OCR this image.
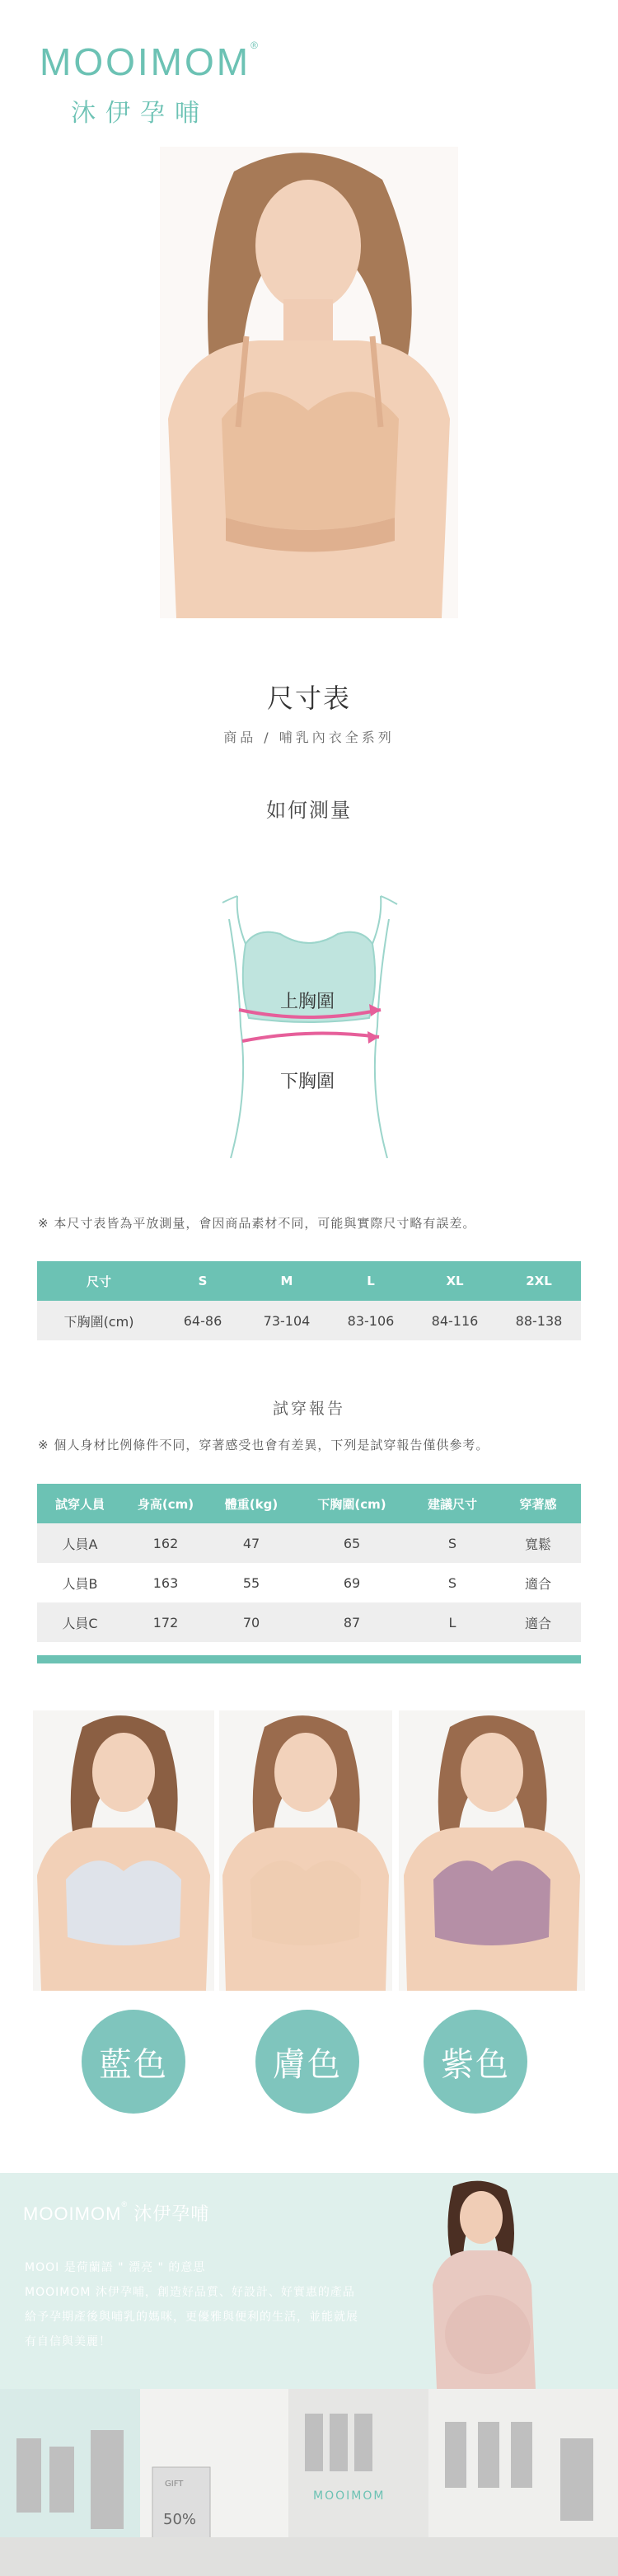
MOOIMOM®
沐伊孕哺
尺寸表
商品 / 哺乳內衣全系列
如何測量
上胸圍
下胸圍
※ 本尺寸表皆為平放測量，會因商品素材不同，可能與實際尺寸略有誤差。
尺寸	S	M	L	XL	2XL
下胸圍(cm)	64-86	73-104	83-106	84-116	88-138
試穿報告
※ 個人身材比例條件不同，穿著感受也會有差異，下列是試穿報告僅供參考。
試穿人員	身高(cm)	體重(kg)	下胸圍(cm)	建議尺寸	穿著感
人員A	162	47	65	S	寬鬆
人員B	163	55	69	S	適合
人員C	172	70	87	L	適合
藍色	膚色	紫色
MOOIMOM® 沐伊孕哺
MOOI 是荷蘭語 " 漂亮 " 的意思
MOOIMOM 沐伊孕哺，創造好品質、好設計、好實惠的產品
給予孕期產後與哺乳的媽咪，更優雅與便利的生活，並能就展
有自信與美麗！
MOOIMOM
GIFT
50%
